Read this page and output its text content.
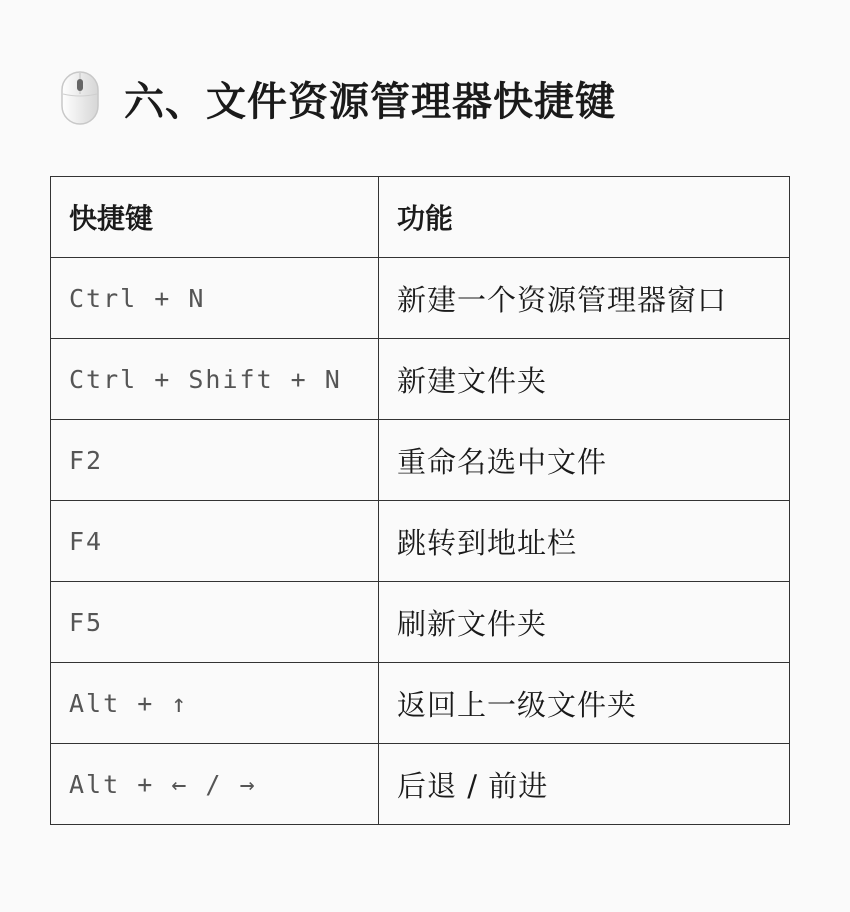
六、文件资源管理器快捷键
快捷键	功能
Ctrl + N	新建一个资源管理器窗口
Ctrl + Shift + N	新建文件夹
F2	重命名选中文件
F4	跳转到地址栏
F5	刷新文件夹
Alt + ↑	返回上一级文件夹
Alt + ← / →	后退 / 前进
